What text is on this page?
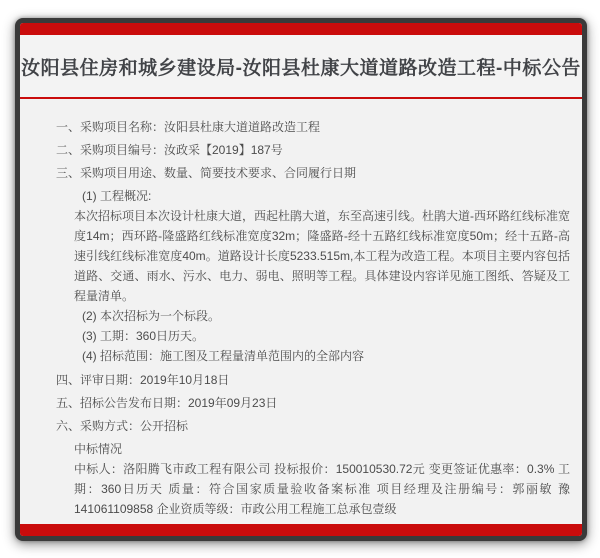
汝阳县住房和城乡建设局-汝阳县杜康大道道路改造工程-中标公告
一、采购项目名称：汝阳县杜康大道道路改造工程
二、采购项目编号：汝政采【2019】187号
三、采购项目用途、数量、简要技术要求、合同履行日期
(1) 工程概况:
本次招标项目本次设计杜康大道，西起杜鹃大道，东至高速引线。杜鹃大道-西环路红线标准宽度14m；西环路-隆盛路红线标准宽度32m；隆盛路-经十五路红线标准宽度50m；经十五路-高速引线红线标准宽度40m。道路设计长度5233.515m,本工程为改造工程。本项目主要内容包括道路、交通、雨水、污水、电力、弱电、照明等工程。具体建设内容详见施工图纸、答疑及工程量清单。
(2) 本次招标为一个标段。
(3) 工期：360日历天。
(4) 招标范围：施工图及工程量清单范围内的全部内容
四、评审日期：2019年10月18日
五、招标公告发布日期：2019年09月23日
六、采购方式：公开招标
中标情况
中标人：洛阳腾飞市政工程有限公司 投标报价：150010530.72元 变更签证优惠率：0.3% 工期：360日历天 质量：符合国家质量验收备案标准 项目经理及注册编号：郭丽敏 豫141061109858 企业资质等级：市政公用工程施工总承包壹级
